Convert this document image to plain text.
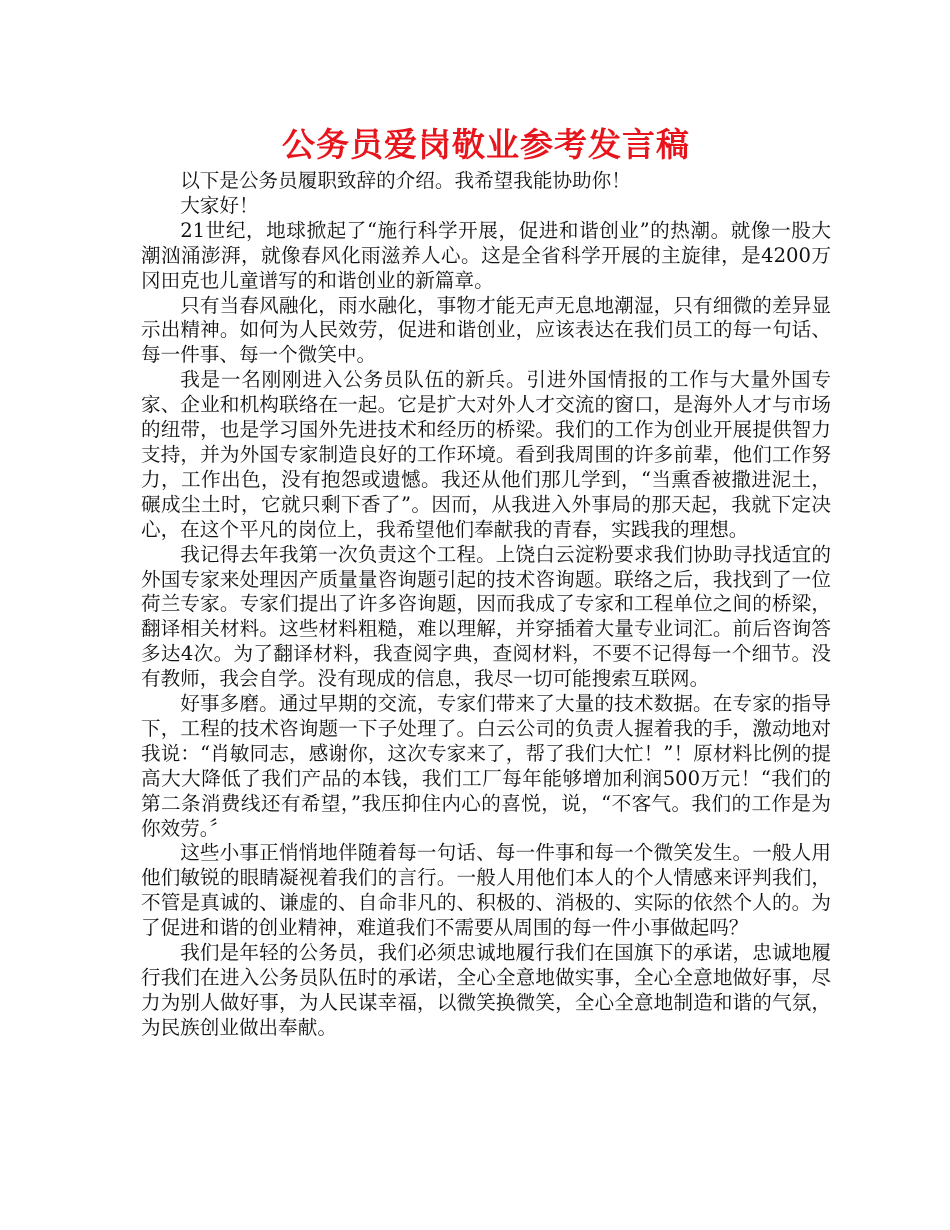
公务员爱岗敬业参考发言稿

以下是公务员履职致辞的介绍。我希望我能协助你！

大家好！

21世纪，地球掀起了“施行科学开展，促进和谐创业”的热潮。就像一股大潮汹涌澎湃，就像春风化雨滋养人心。这是全省科学开展的主旋律，是4200万冈田克也儿童谱写的和谐创业的新篇章。

只有当春风融化，雨水融化，事物才能无声无息地潮湿，只有细微的差异显示出精神。如何为人民效劳，促进和谐创业，应该表达在我们员工的每一句话、每一件事、每一个微笑中。

我是一名刚刚进入公务员队伍的新兵。引进外国情报的工作与大量外国专家、企业和机构联络在一起。它是扩大对外人才交流的窗口，是海外人才与市场的纽带，也是学习国外先进技术和经历的桥梁。我们的工作为创业开展提供智力支持，并为外国专家制造良好的工作环境。看到我周围的许多前辈，他们工作努力，工作出色，没有抱怨或遗憾。我还从他们那儿学到，“当熏香被撒进泥土，碾成尘土时，它就只剩下香了”。因而，从我进入外事局的那天起，我就下定决心，在这个平凡的岗位上，我希望他们奉献我的青春，实践我的理想。

我记得去年我第一次负责这个工程。上饶白云淀粉要求我们协助寻找适宜的外国专家来处理因产质量量咨询题引起的技术咨询题。联络之后，我找到了一位荷兰专家。专家们提出了许多咨询题，因而我成了专家和工程单位之间的桥梁，翻译相关材料。这些材料粗糙，难以理解，并穿插着大量专业词汇。前后咨询答多达4次。为了翻译材料，我查阅字典，查阅材料，不要不记得每一个细节。没有教师，我会自学。没有现成的信息，我尽一切可能搜索互联网。

好事多磨。通过早期的交流，专家们带来了大量的技术数据。在专家的指导下，工程的技术咨询题一下子处理了。白云公司的负责人握着我的手，激动地对我说：“肖敏同志，感谢你，这次专家来了，帮了我们大忙！”！原材料比例的提高大大降低了我们产品的本钱，我们工厂每年能够增加利润500万元！“我们的第二条消费线还有希望，”我压抑住内心的喜悦，说，“不客气。我们的工作是为你效劳。〞

这些小事正悄悄地伴随着每一句话、每一件事和每一个微笑发生。一般人用他们敏锐的眼睛凝视着我们的言行。一般人用他们本人的个人情感来评判我们，不管是真诚的、谦虚的、自命非凡的、积极的、消极的、实际的依然个人的。为了促进和谐的创业精神，难道我们不需要从周围的每一件小事做起吗？

我们是年轻的公务员，我们必须忠诚地履行我们在国旗下的承诺，忠诚地履行我们在进入公务员队伍时的承诺，全心全意地做实事，全心全意地做好事，尽力为别人做好事，为人民谋幸福，以微笑换微笑，全心全意地制造和谐的气氛，为民族创业做出奉献。
